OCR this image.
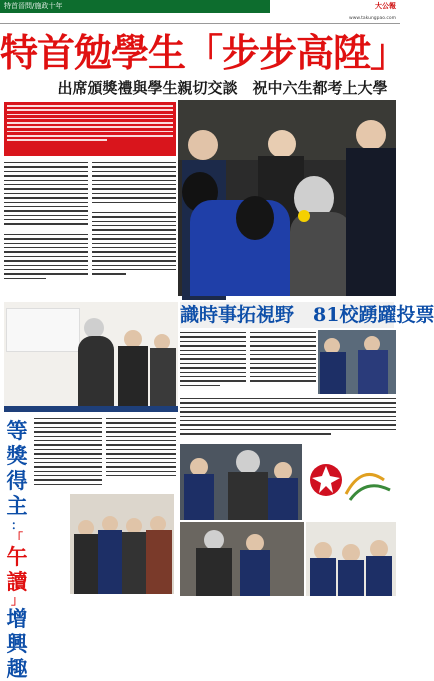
特首晉問/施政十年	大公報
www.takungpao.com
特首勉學生「步步高陞」
出席頒獎禮與學生親切交談　祝中六生都考上大學
識時事拓視野　81校踴躍投票
等
獎
得
主
：
「
午
讀
」
增
興
趣
